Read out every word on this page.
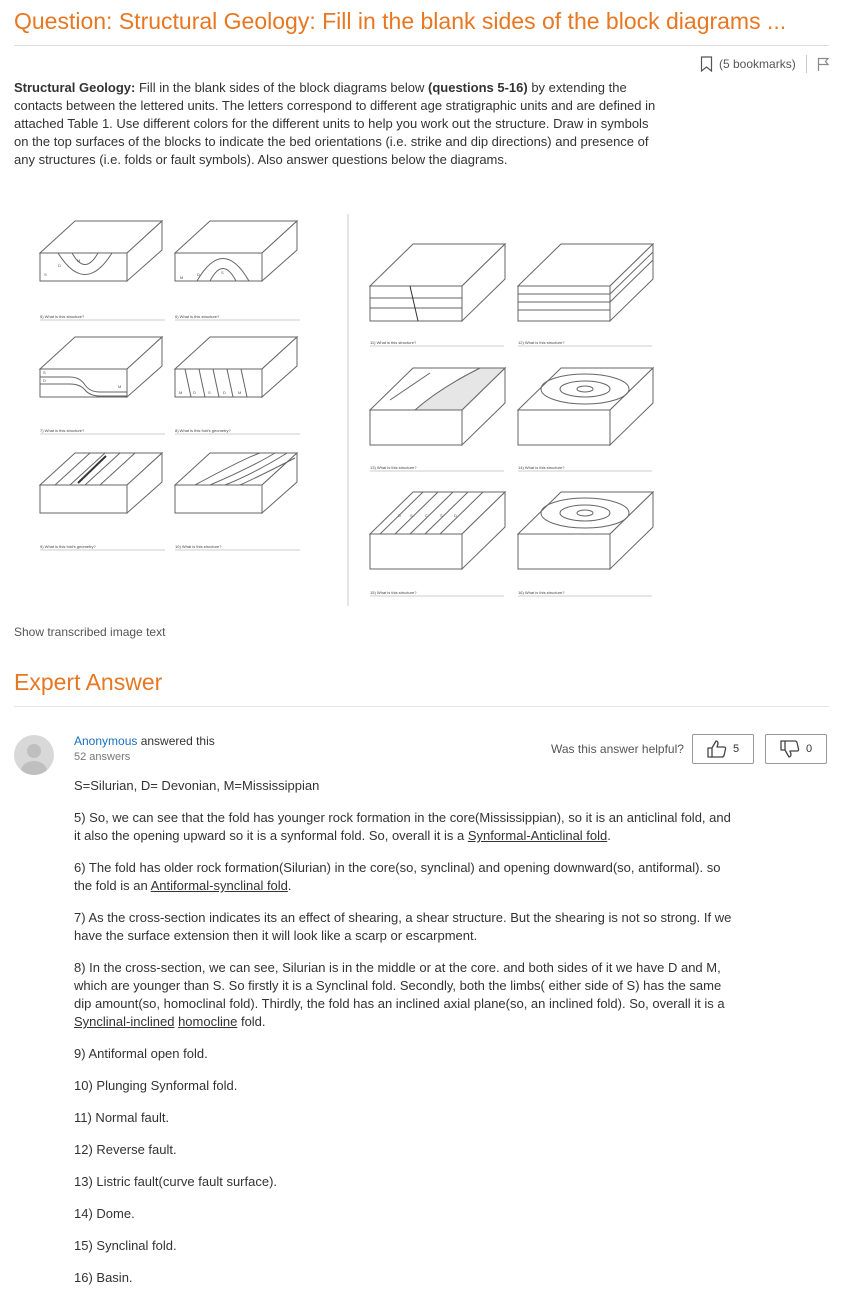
Question: Structural Geology: Fill in the blank sides of the block diagrams ...
(5 bookmarks)
Structural Geology: Fill in the blank sides of the block diagrams below (questions 5-16) by extending the contacts between the lettered units. The letters correspond to different age stratigraphic units and are defined in attached Table 1. Use different colors for the different units to help you work out the structure. Draw in symbols on the top surfaces of the blocks to indicate the bed orientations (i.e. strike and dip directions) and presence of any structures (i.e. folds or fault symbols). Also answer questions below the diagrams.
S
D
M
M
D	S
5) What is this structure?	6) What is this structure?
S
D
M
M	D	S	D	M
7) What is this structure?	8) What is this fold's geometry?
9) What is this fold's geometry?	10) What is this structure?
11) What is this structure?	12) What is this structure?
13) What is this structure?	14) What is this structure?
D S	C	S	D
15) What is this structure?	16) What is this structure?
Show transcribed image text
Expert Answer
Anonymous answered this
52 answers
Was this answer helpful?	5	0

S=Silurian, D= Devonian, M=Mississippian

5) So, we can see that the fold has younger rock formation in the core(Mississippian), so it is an anticlinal fold, and it also the opening upward so it is a synformal fold. So, overall it is a Synformal-Anticlinal fold.

6) The fold has older rock formation(Silurian) in the core(so, synclinal) and opening downward(so, antiformal). so the fold is an Antiformal-synclinal fold.

7) As the cross-section indicates its an effect of shearing, a shear structure. But the shearing is not so strong. If we have the surface extension then it will look like a scarp or escarpment.

8) In the cross-section, we can see, Silurian is in the middle or at the core. and both sides of it we have D and M, which are younger than S. So firstly it is a Synclinal fold. Secondly, both the limbs( either side of S) has the same dip amount(so, homoclinal fold). Thirdly, the fold has an inclined axial plane(so, an inclined fold). So, overall it is a Synclinal-inclined homocline fold.

9) Antiformal open fold.

10) Plunging Synformal fold.

11) Normal fault.

12) Reverse fault.

13) Listric fault(curve fault surface).

14) Dome.

15) Synclinal fold.

16) Basin.
